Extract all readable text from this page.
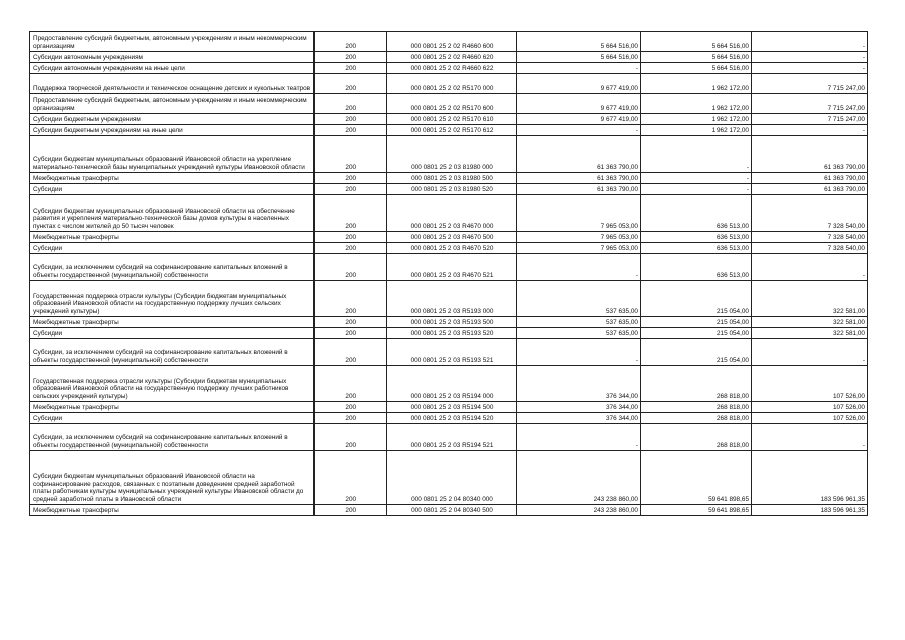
Предоставление субсидий бюджетным, автономным учреждениям и иным некоммерческим организациям	200	000 0801 25 2 02 R4660 600	5 664 516,00	5 664 516,00	-
Субсидии автономным учреждениям	200	000 0801 25 2 02 R4660 620	5 664 516,00	5 664 516,00	-
Субсидии автономным учреждениям на иные цели	200	000 0801 25 2 02 R4660 622	-	5 664 516,00	-
Поддержка творческой деятельности и техническое оснащение детских и кукольных театров	200	000 0801 25 2 02 R5170 000	9 677 419,00	1 962 172,00	7 715 247,00
Предоставление субсидий бюджетным, автономным учреждениям и иным некоммерческим организациям	200	000 0801 25 2 02 R5170 600	9 677 419,00	1 962 172,00	7 715 247,00
Субсидии бюджетным учреждениям	200	000 0801 25 2 02 R5170 610	9 677 419,00	1 962 172,00	7 715 247,00
Субсидии бюджетным учреждениям на иные цели	200	000 0801 25 2 02 R5170 612	-	1 962 172,00	-
Субсидии бюджетам муниципальных образований Ивановской области на укрепление материально-технической базы муниципальных учреждений культуры Ивановской области	200	000 0801 25 2 03 81980 000	61 363 790,00	-	61 363 790,00
Межбюджетные трансферты	200	000 0801 25 2 03 81980 500	61 363 790,00	-	61 363 790,00
Субсидии	200	000 0801 25 2 03 81980 520	61 363 790,00	-	61 363 790,00
Субсидии бюджетам муниципальных образований Ивановской области на обеспечение развития и укрепления материально-технической базы домов культуры в населенных пунктах с числом жителей до 50 тысяч человек	200	000 0801 25 2 03 R4670 000	7 965 053,00	636 513,00	7 328 540,00
Межбюджетные трансферты	200	000 0801 25 2 03 R4670 500	7 965 053,00	636 513,00	7 328 540,00
Субсидии	200	000 0801 25 2 03 R4670 520	7 965 053,00	636 513,00	7 328 540,00
Субсидии, за исключением субсидий на софинансирование капитальных вложений в объекты государственной (муниципальной) собственности	200	000 0801 25 2 03 R4670 521	-	636 513,00	-
Государственная поддержка отрасли культуры (Субсидии бюджетам муниципальных образований Ивановской области на государственную поддержку лучших сельских учреждений культуры)	200	000 0801 25 2 03 R5193 000	537 635,00	215 054,00	322 581,00
Межбюджетные трансферты	200	000 0801 25 2 03 R5193 500	537 635,00	215 054,00	322 581,00
Субсидии	200	000 0801 25 2 03 R5193 520	537 635,00	215 054,00	322 581,00
Субсидии, за исключением субсидий на софинансирование капитальных вложений в объекты государственной (муниципальной) собственности	200	000 0801 25 2 03 R5193 521	-	215 054,00	-
Государственная поддержка отрасли культуры (Субсидии бюджетам муниципальных образований Ивановской области на государственную поддержку лучших работников сельских учреждений культуры)	200	000 0801 25 2 03 R5194 000	376 344,00	268 818,00	107 526,00
Межбюджетные трансферты	200	000 0801 25 2 03 R5194 500	376 344,00	268 818,00	107 526,00
Субсидии	200	000 0801 25 2 03 R5194 520	376 344,00	268 818,00	107 526,00
Субсидии, за исключением субсидий на софинансирование капитальных вложений в объекты государственной (муниципальной) собственности	200	000 0801 25 2 03 R5194 521	-	268 818,00	-
Субсидии бюджетам муниципальных образований Ивановской области на софинансирование расходов, связанных с поэтапным доведением средней заработной платы работникам культуры муниципальных учреждений культуры Ивановской области до средней заработной платы в Ивановской области	200	000 0801 25 2 04 80340 000	243 238 860,00	59 641 898,65	183 596 961,35
Межбюджетные трансферты	200	000 0801 25 2 04 80340 500	243 238 860,00	59 641 898,65	183 596 961,35
